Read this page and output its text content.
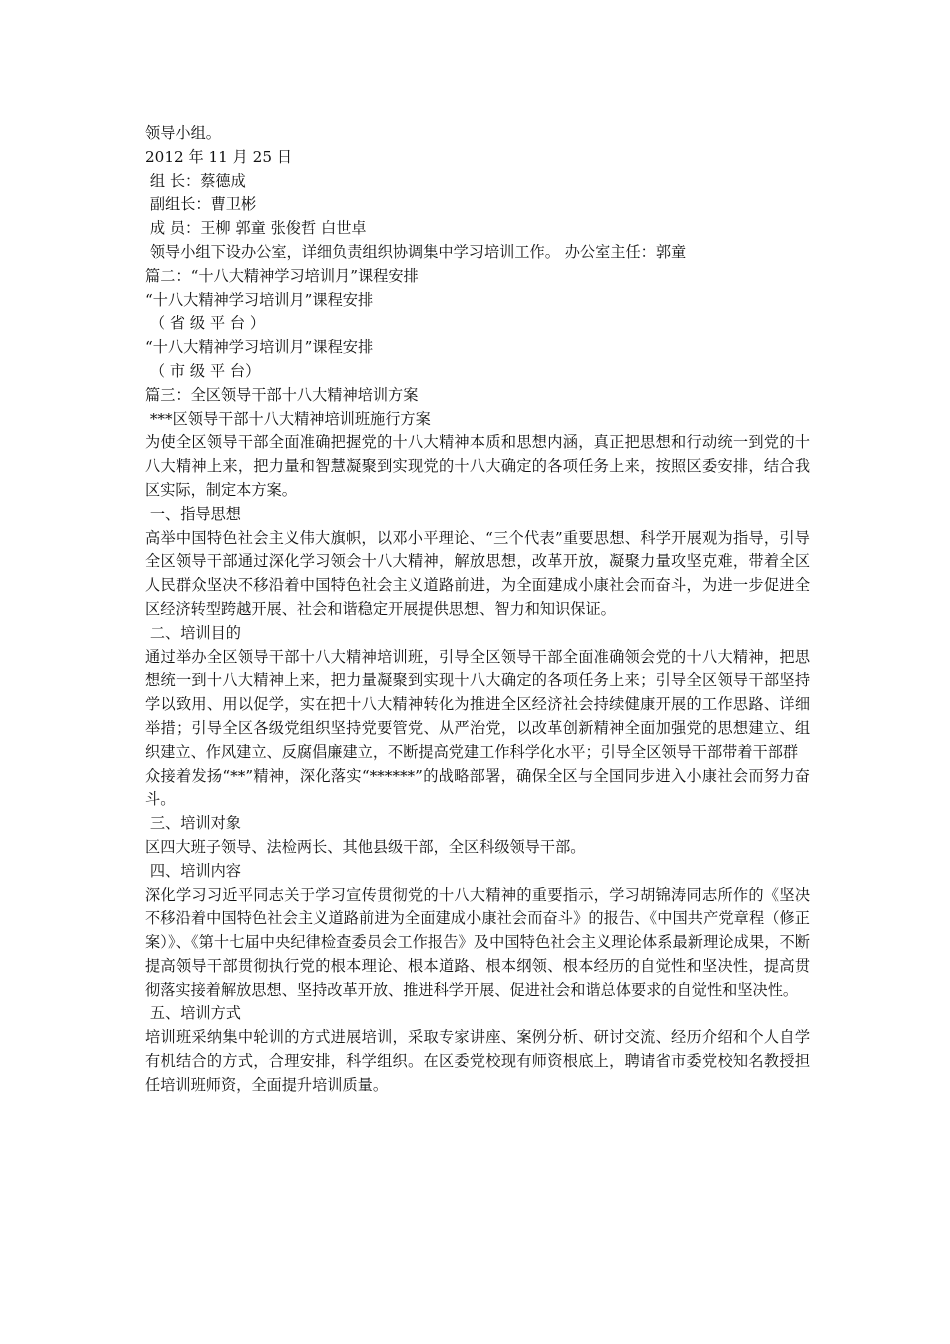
领导小组。
2012 年 11 月 25 日
组 长：蔡德成
副组长：曹卫彬
成 员：王柳 郭童 张俊哲 白世卓
领导小组下设办公室，详细负责组织协调集中学习培训工作。 办公室主任：郭童
篇二：“十八大精神学习培训月”课程安排
“十八大精神学习培训月”课程安排
（ 省 级 平 台 ）
“十八大精神学习培训月”课程安排
（ 市 级 平 台）
篇三：全区领导干部十八大精神培训方案
***区领导干部十八大精神培训班施行方案
为使全区领导干部全面准确把握党的十八大精神本质和思想内涵，真正把思想和行动统一到党的十八大精神上来，把力量和智慧凝聚到实现党的十八大确定的各项任务上来，按照区委安排，结合我区实际，制定本方案。
一、指导思想
高举中国特色社会主义伟大旗帜，以邓小平理论、“三个代表”重要思想、科学开展观为指导，引导全区领导干部通过深化学习领会十八大精神，解放思想，改革开放，凝聚力量攻坚克难，带着全区人民群众坚决不移沿着中国特色社会主义道路前进，为全面建成小康社会而奋斗，为进一步促进全区经济转型跨越开展、社会和谐稳定开展提供思想、智力和知识保证。
二、培训目的
通过举办全区领导干部十八大精神培训班，引导全区领导干部全面准确领会党的十八大精神，把思想统一到十八大精神上来，把力量凝聚到实现十八大确定的各项任务上来；引导全区领导干部坚持学以致用、用以促学，实在把十八大精神转化为推进全区经济社会持续健康开展的工作思路、详细举措；引导全区各级党组织坚持党要管党、从严治党，以改革创新精神全面加强党的思想建立、组织建立、作风建立、反腐倡廉建立，不断提高党建工作科学化水平；引导全区领导干部带着干部群
众接着发扬“**”精神，深化落实“******”的战略部署，确保全区与全国同步进入小康社会而努力奋斗。
三、培训对象
区四大班子领导、法检两长、其他县级干部，全区科级领导干部。
四、培训内容
深化学习习近平同志关于学习宣传贯彻党的十八大精神的重要指示，学习胡锦涛同志所作的《坚决不移沿着中国特色社会主义道路前进为全面建成小康社会而奋斗》的报告、《中国共产党章程（修正案）》、《第十七届中央纪律检查委员会工作报告》及中国特色社会主义理论体系最新理论成果，不断提高领导干部贯彻执行党的根本理论、根本道路、根本纲领、根本经历的自觉性和坚决性，提高贯彻落实接着解放思想、坚持改革开放、推进科学开展、促进社会和谐总体要求的自觉性和坚决性。
五、培训方式
培训班采纳集中轮训的方式进展培训，采取专家讲座、案例分析、研讨交流、经历介绍和个人自学有机结合的方式，合理安排，科学组织。在区委党校现有师资根底上，聘请省市委党校知名教授担任培训班师资，全面提升培训质量。
